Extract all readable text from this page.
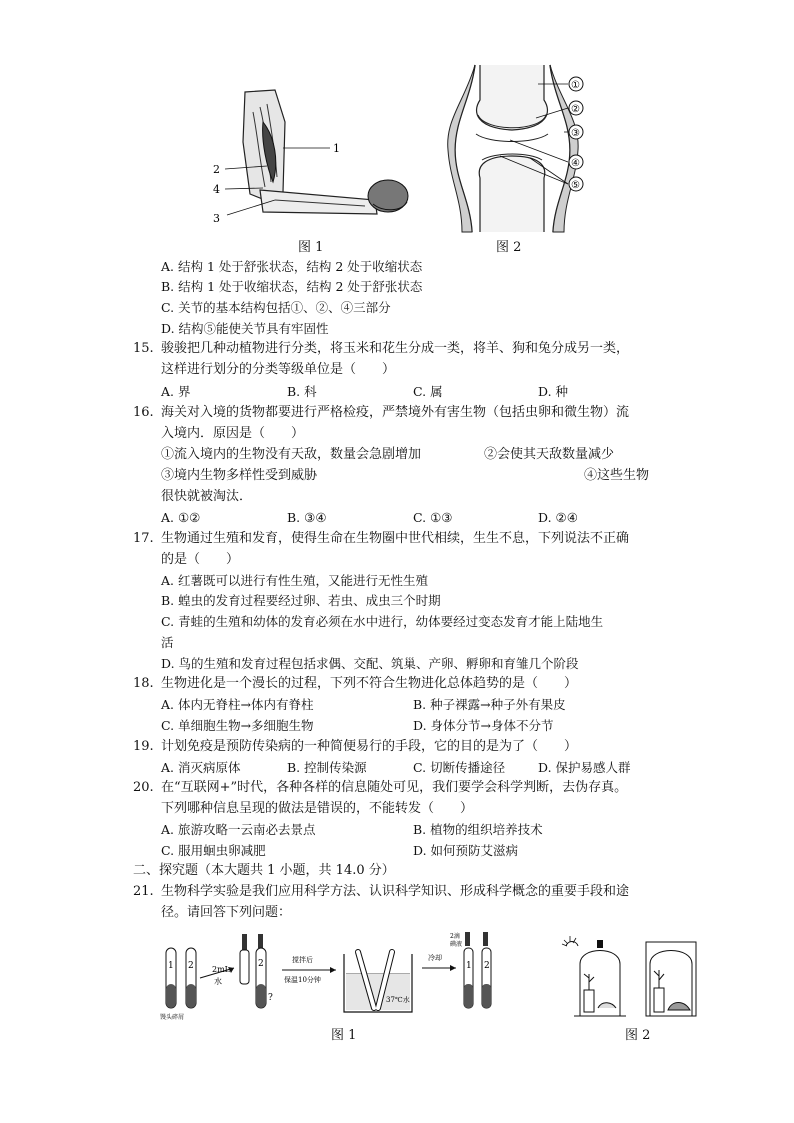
1
2
4
3
图 1
①
②
③
④
⑤
图 2
A. 结构 1 处于舒张状态，结构 2 处于收缩状态
B. 结构 1 处于收缩状态，结构 2 处于舒张状态
C. 关节的基本结构包括①、②、④三部分
D. 结构⑤能使关节具有牢固性
15. 骏骏把几种动植物进行分类，将玉米和花生分成一类，将羊、狗和兔分成另一类，
这样进行划分的分类等级单位是（　　）
A. 界	B. 科	C. 属	D. 种
16. 海关对入境的货物都要进行严格检疫，严禁境外有害生物（包括虫卵和微生物）流
入境内．原因是（　　）
①流入境内的生物没有天敌，数量会急剧增加	②会使其天敌数量减少
③境内生物多样性受到威胁	④这些生物
很快就被淘汰．
A. ①②	B. ③④	C. ①③	D. ②④
17. 生物通过生殖和发育，使得生命在生物圈中世代相续，生生不息，下列说法不正确
的是（　　）
A. 红薯既可以进行有性生殖，又能进行无性生殖
B. 蝗虫的发育过程要经过卵、若虫、成虫三个时期
C. 青蛙的生殖和幼体的发育必须在水中进行，幼体要经过变态发育才能上陆地生
活
D. 鸟的生殖和发育过程包括求偶、交配、筑巢、产卵、孵卵和育雏几个阶段
18. 生物进化是一个漫长的过程，下列不符合生物进化总体趋势的是（　　）
A. 体内无脊柱→体内有脊柱	B. 种子裸露→种子外有果皮
C. 单细胞生物→多细胞生物	D. 身体分节→身体不分节
19. 计划免疫是预防传染病的一种简便易行的手段，它的目的是为了（　　）
A. 消灭病原体	B. 控制传染源	C. 切断传播途径	D. 保护易感人群
20. 在“互联网+”时代，各种各样的信息随处可见，我们要学会科学判断，去伪存真。
下列哪种信息呈现的做法是错误的，不能转发（　　）
A. 旅游攻略一云南必去景点	B. 植物的组织培养技术
C. 服用蛔虫卵减肥	D. 如何预防艾滋病
二、探究题（本大题共 1 小题，共 14.0 分）
21. 生物科学实验是我们应用科学方法、认识科学知识、形成科学概念的重要手段和途
径。请回答下列问题：
1 2
馒头碎屑
2mL
水
2
?
搅拌后
保温10分钟
37℃水
冷却
1 2
2滴
碘液
图 1	图 2
